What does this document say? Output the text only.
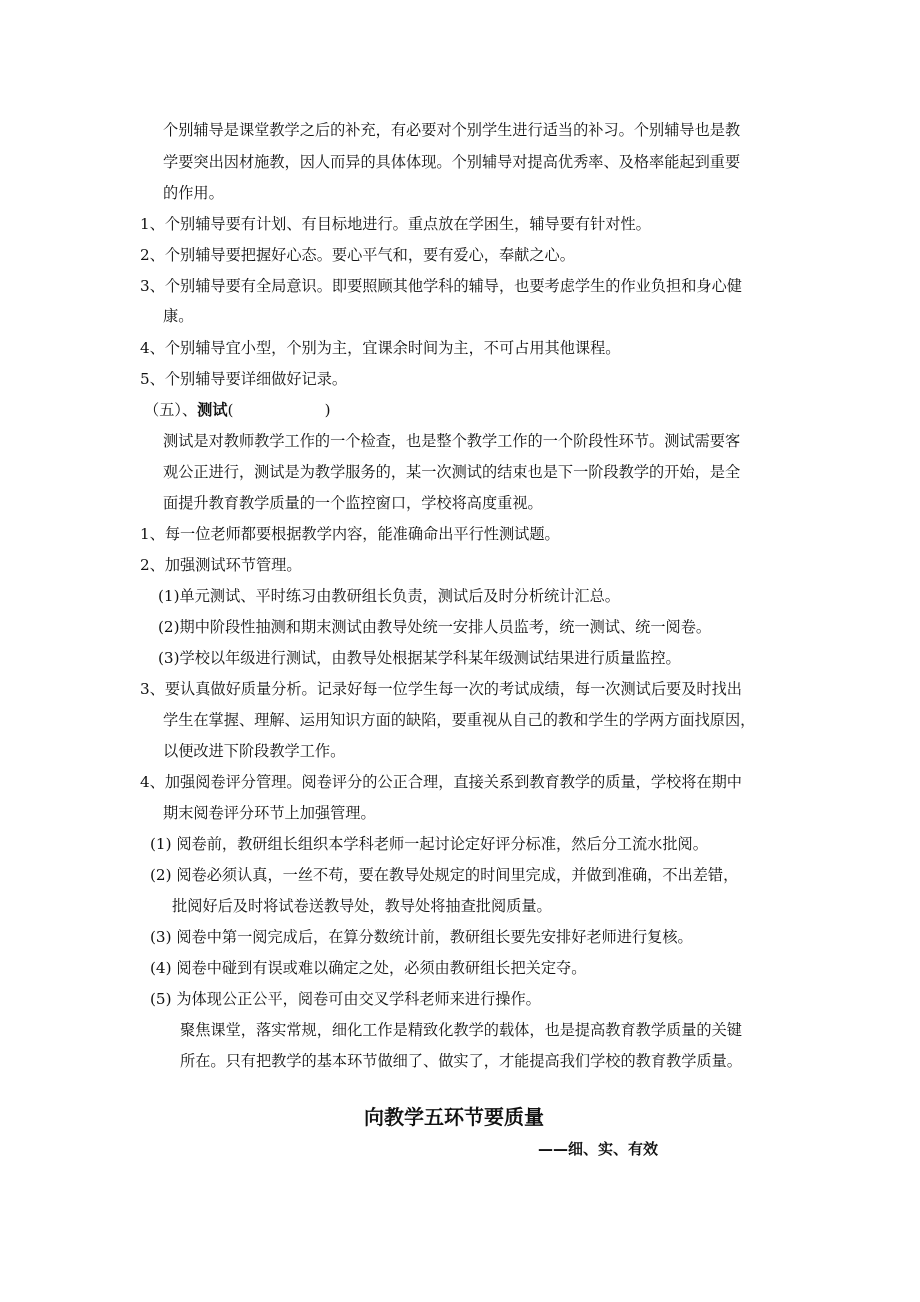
个别辅导是课堂教学之后的补充，有必要对个别学生进行适当的补习。个别辅导也是教
学要突出因材施教，因人而异的具体体现。个别辅导对提高优秀率、及格率能起到重要
的作用。
1、个别辅导要有计划、有目标地进行。重点放在学困生，辅导要有针对性。
2、个别辅导要把握好心态。要心平气和，要有爱心，奉献之心。
3、个别辅导要有全局意识。即要照顾其他学科的辅导，也要考虑学生的作业负担和身心健
康。
4、个别辅导宜小型，个别为主，宜课余时间为主，不可占用其他课程。
5、个别辅导要详细做好记录。
（五）、测试(　　　　　　)
测试是对教师教学工作的一个检查，也是整个教学工作的一个阶段性环节。测试需要客
观公正进行，测试是为教学服务的，某一次测试的结束也是下一阶段教学的开始，是全
面提升教育教学质量的一个监控窗口，学校将高度重视。
1、每一位老师都要根据教学内容，能准确命出平行性测试题。
2、加强测试环节管理。
(1)单元测试、平时练习由教研组长负责，测试后及时分析统计汇总。
(2)期中阶段性抽测和期末测试由教导处统一安排人员监考，统一测试、统一阅卷。
(3)学校以年级进行测试，由教导处根据某学科某年级测试结果进行质量监控。
3、要认真做好质量分析。记录好每一位学生每一次的考试成绩，每一次测试后要及时找出
学生在掌握、理解、运用知识方面的缺陷，要重视从自己的教和学生的学两方面找原因，
以便改进下阶段教学工作。
4、加强阅卷评分管理。阅卷评分的公正合理，直接关系到教育教学的质量，学校将在期中
期末阅卷评分环节上加强管理。
(1) 阅卷前，教研组长组织本学科老师一起讨论定好评分标准，然后分工流水批阅。
(2) 阅卷必须认真，一丝不苟，要在教导处规定的时间里完成，并做到准确，不出差错，
批阅好后及时将试卷送教导处，教导处将抽查批阅质量。
(3) 阅卷中第一阅完成后，在算分数统计前，教研组长要先安排好老师进行复核。
(4) 阅卷中碰到有误或难以确定之处，必须由教研组长把关定夺。
(5) 为体现公正公平，阅卷可由交叉学科老师来进行操作。
聚焦课堂，落实常规，细化工作是精致化教学的载体，也是提高教育教学质量的关键
所在。只有把教学的基本环节做细了、做实了，才能提高我们学校的教育教学质量。
向教学五环节要质量
——细、实、有效
